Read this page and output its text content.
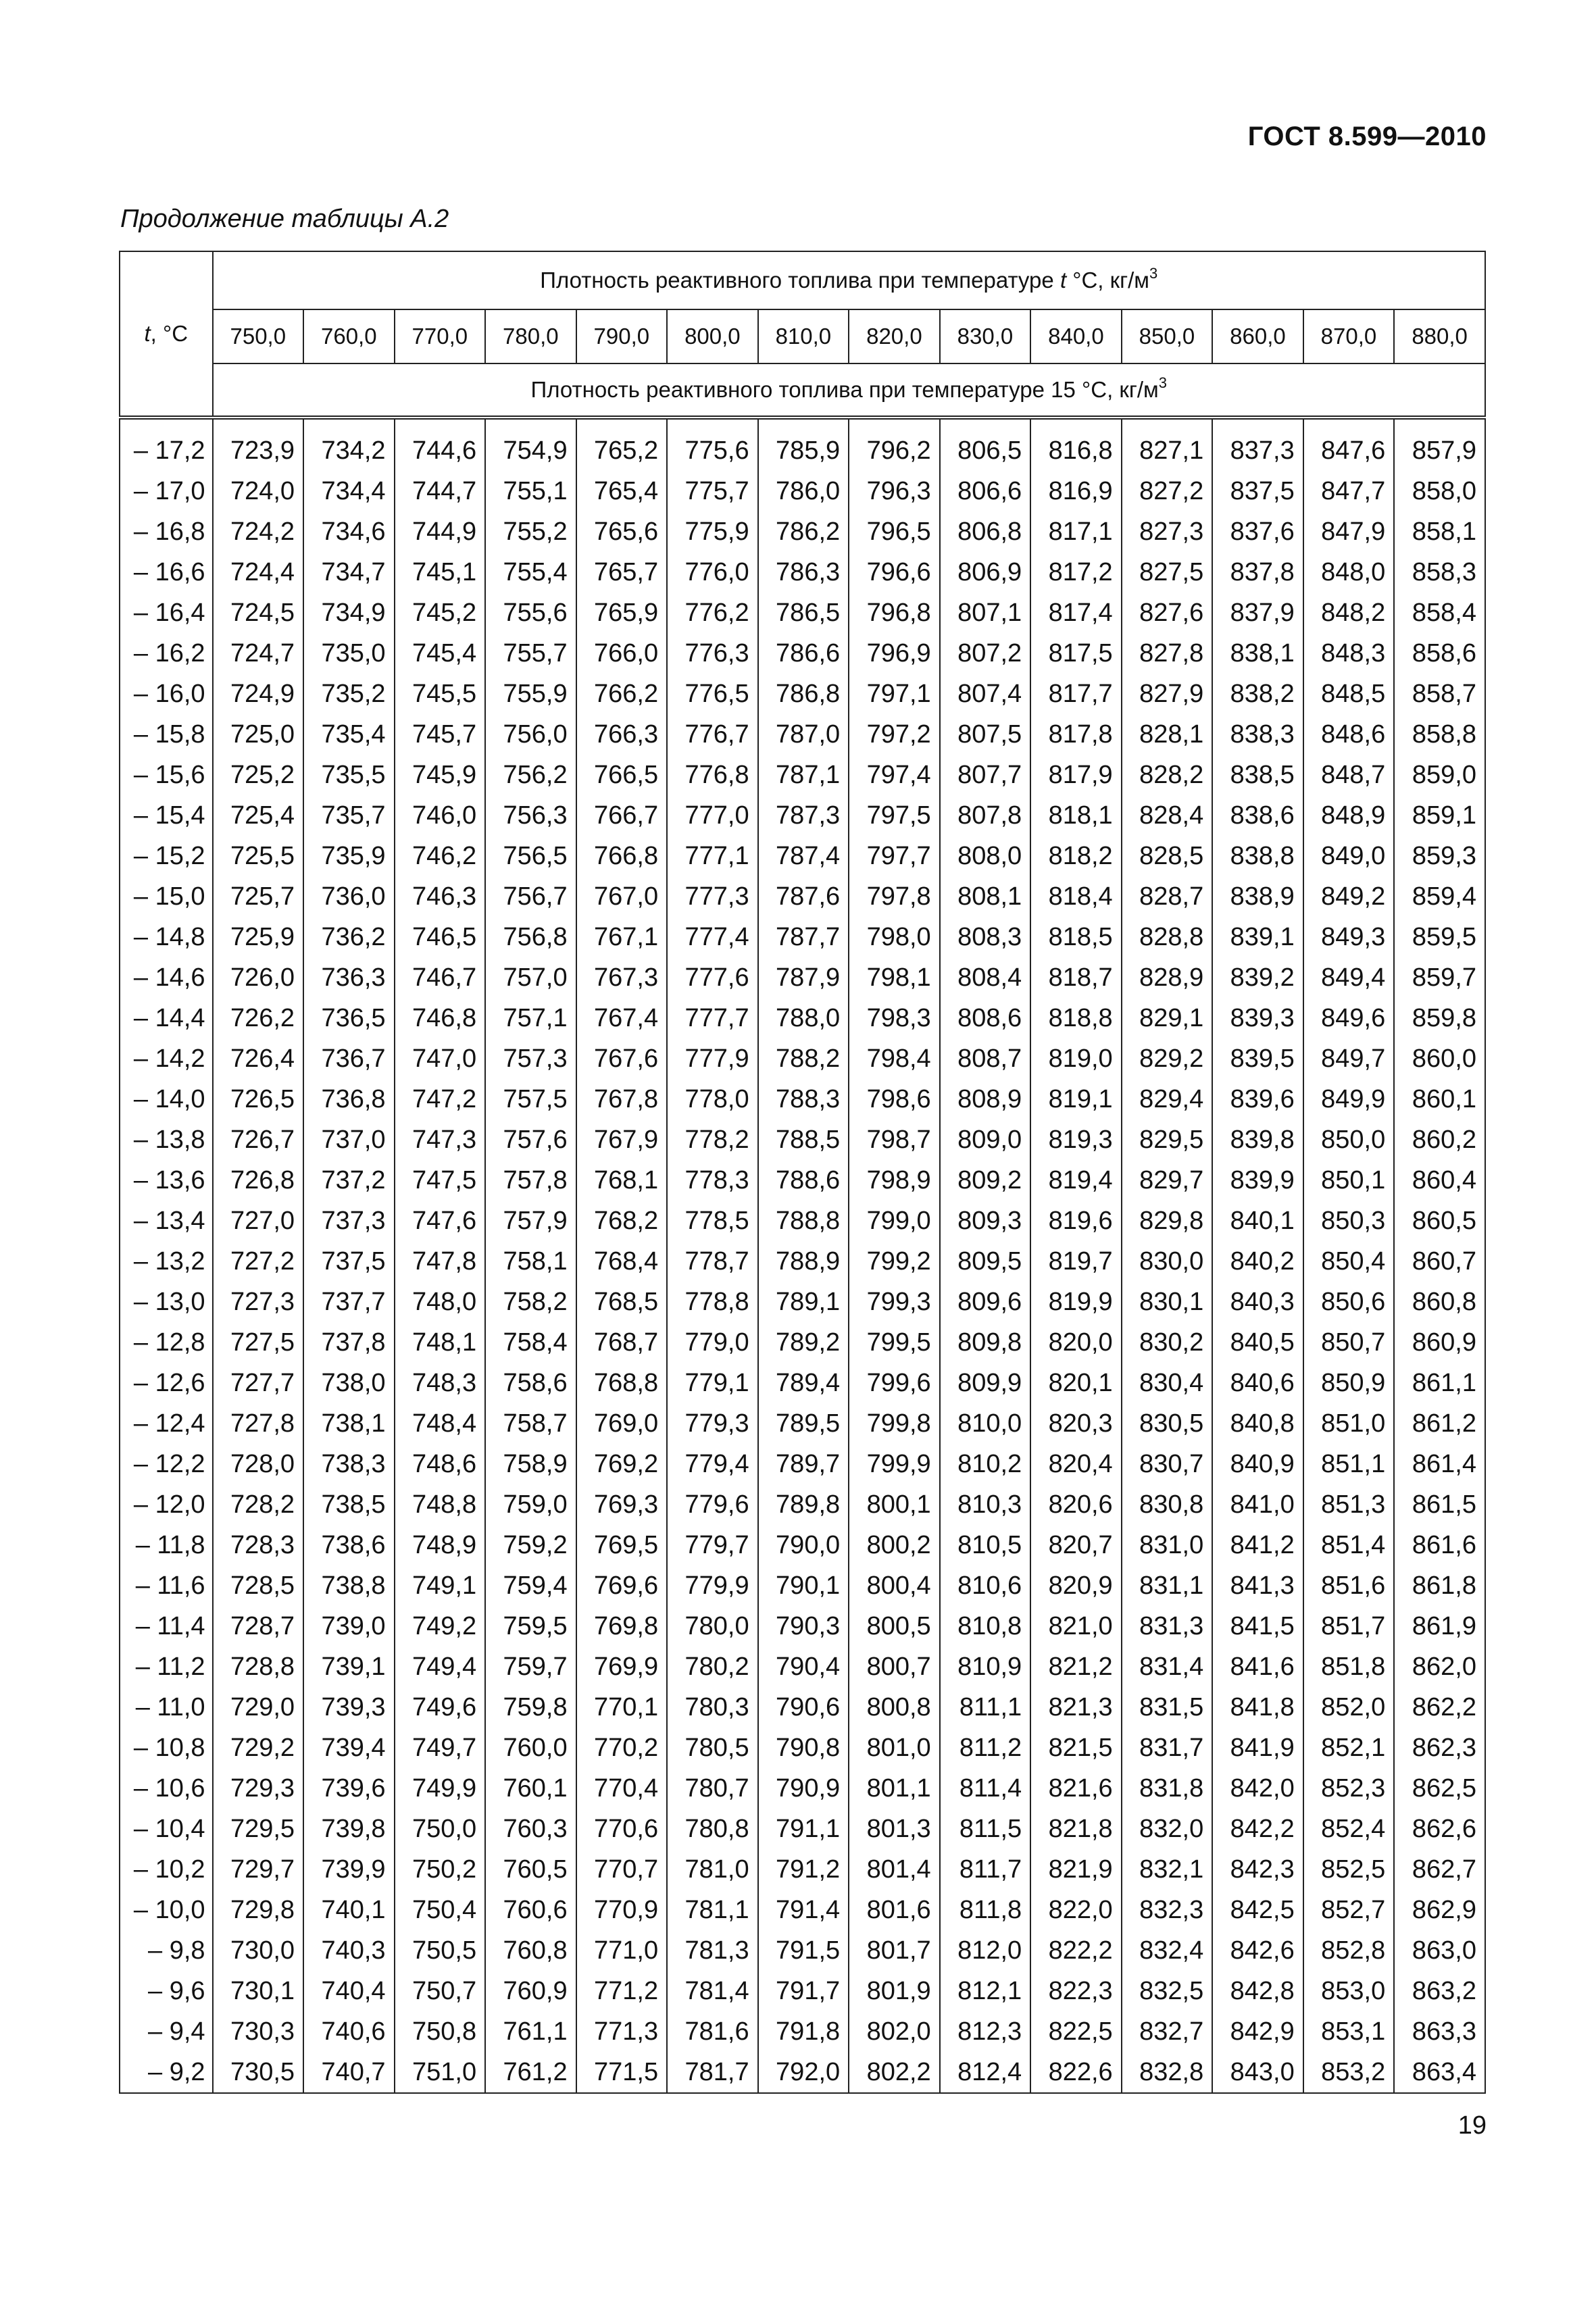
ГОСТ 8.599—2010
Продолжение таблицы А.2
t, °C	Плотность реактивного топлива при температуре t °C, $кг/м^3$
	750,0	760,0	770,0	780,0	790,0	800,0	810,0	820,0	830,0	840,0	850,0	860,0	870,0	880,0
	Плотность реактивного топлива при температуре 15 °C, $кг/м^3$
– 17,2	723,9	734,2	744,6	754,9	765,2	775,6	785,9	796,2	806,5	816,8	827,1	837,3	847,6	857,9
– 17,0	724,0	734,4	744,7	755,1	765,4	775,7	786,0	796,3	806,6	816,9	827,2	837,5	847,7	858,0
– 16,8	724,2	734,6	744,9	755,2	765,6	775,9	786,2	796,5	806,8	817,1	827,3	837,6	847,9	858,1
– 16,6	724,4	734,7	745,1	755,4	765,7	776,0	786,3	796,6	806,9	817,2	827,5	837,8	848,0	858,3
– 16,4	724,5	734,9	745,2	755,6	765,9	776,2	786,5	796,8	807,1	817,4	827,6	837,9	848,2	858,4
– 16,2	724,7	735,0	745,4	755,7	766,0	776,3	786,6	796,9	807,2	817,5	827,8	838,1	848,3	858,6
– 16,0	724,9	735,2	745,5	755,9	766,2	776,5	786,8	797,1	807,4	817,7	827,9	838,2	848,5	858,7
– 15,8	725,0	735,4	745,7	756,0	766,3	776,7	787,0	797,2	807,5	817,8	828,1	838,3	848,6	858,8
– 15,6	725,2	735,5	745,9	756,2	766,5	776,8	787,1	797,4	807,7	817,9	828,2	838,5	848,7	859,0
– 15,4	725,4	735,7	746,0	756,3	766,7	777,0	787,3	797,5	807,8	818,1	828,4	838,6	848,9	859,1
– 15,2	725,5	735,9	746,2	756,5	766,8	777,1	787,4	797,7	808,0	818,2	828,5	838,8	849,0	859,3
– 15,0	725,7	736,0	746,3	756,7	767,0	777,3	787,6	797,8	808,1	818,4	828,7	838,9	849,2	859,4
– 14,8	725,9	736,2	746,5	756,8	767,1	777,4	787,7	798,0	808,3	818,5	828,8	839,1	849,3	859,5
– 14,6	726,0	736,3	746,7	757,0	767,3	777,6	787,9	798,1	808,4	818,7	828,9	839,2	849,4	859,7
– 14,4	726,2	736,5	746,8	757,1	767,4	777,7	788,0	798,3	808,6	818,8	829,1	839,3	849,6	859,8
– 14,2	726,4	736,7	747,0	757,3	767,6	777,9	788,2	798,4	808,7	819,0	829,2	839,5	849,7	860,0
– 14,0	726,5	736,8	747,2	757,5	767,8	778,0	788,3	798,6	808,9	819,1	829,4	839,6	849,9	860,1
– 13,8	726,7	737,0	747,3	757,6	767,9	778,2	788,5	798,7	809,0	819,3	829,5	839,8	850,0	860,2
– 13,6	726,8	737,2	747,5	757,8	768,1	778,3	788,6	798,9	809,2	819,4	829,7	839,9	850,1	860,4
– 13,4	727,0	737,3	747,6	757,9	768,2	778,5	788,8	799,0	809,3	819,6	829,8	840,1	850,3	860,5
– 13,2	727,2	737,5	747,8	758,1	768,4	778,7	788,9	799,2	809,5	819,7	830,0	840,2	850,4	860,7
– 13,0	727,3	737,7	748,0	758,2	768,5	778,8	789,1	799,3	809,6	819,9	830,1	840,3	850,6	860,8
– 12,8	727,5	737,8	748,1	758,4	768,7	779,0	789,2	799,5	809,8	820,0	830,2	840,5	850,7	860,9
– 12,6	727,7	738,0	748,3	758,6	768,8	779,1	789,4	799,6	809,9	820,1	830,4	840,6	850,9	861,1
– 12,4	727,8	738,1	748,4	758,7	769,0	779,3	789,5	799,8	810,0	820,3	830,5	840,8	851,0	861,2
– 12,2	728,0	738,3	748,6	758,9	769,2	779,4	789,7	799,9	810,2	820,4	830,7	840,9	851,1	861,4
– 12,0	728,2	738,5	748,8	759,0	769,3	779,6	789,8	800,1	810,3	820,6	830,8	841,0	851,3	861,5
– 11,8	728,3	738,6	748,9	759,2	769,5	779,7	790,0	800,2	810,5	820,7	831,0	841,2	851,4	861,6
– 11,6	728,5	738,8	749,1	759,4	769,6	779,9	790,1	800,4	810,6	820,9	831,1	841,3	851,6	861,8
– 11,4	728,7	739,0	749,2	759,5	769,8	780,0	790,3	800,5	810,8	821,0	831,3	841,5	851,7	861,9
– 11,2	728,8	739,1	749,4	759,7	769,9	780,2	790,4	800,7	810,9	821,2	831,4	841,6	851,8	862,0
– 11,0	729,0	739,3	749,6	759,8	770,1	780,3	790,6	800,8	811,1	821,3	831,5	841,8	852,0	862,2
– 10,8	729,2	739,4	749,7	760,0	770,2	780,5	790,8	801,0	811,2	821,5	831,7	841,9	852,1	862,3
– 10,6	729,3	739,6	749,9	760,1	770,4	780,7	790,9	801,1	811,4	821,6	831,8	842,0	852,3	862,5
– 10,4	729,5	739,8	750,0	760,3	770,6	780,8	791,1	801,3	811,5	821,8	832,0	842,2	852,4	862,6
– 10,2	729,7	739,9	750,2	760,5	770,7	781,0	791,2	801,4	811,7	821,9	832,1	842,3	852,5	862,7
– 10,0	729,8	740,1	750,4	760,6	770,9	781,1	791,4	801,6	811,8	822,0	832,3	842,5	852,7	862,9
– 9,8	730,0	740,3	750,5	760,8	771,0	781,3	791,5	801,7	812,0	822,2	832,4	842,6	852,8	863,0
– 9,6	730,1	740,4	750,7	760,9	771,2	781,4	791,7	801,9	812,1	822,3	832,5	842,8	853,0	863,2
– 9,4	730,3	740,6	750,8	761,1	771,3	781,6	791,8	802,0	812,3	822,5	832,7	842,9	853,1	863,3
– 9,2	730,5	740,7	751,0	761,2	771,5	781,7	792,0	802,2	812,4	822,6	832,8	843,0	853,2	863,4
19
